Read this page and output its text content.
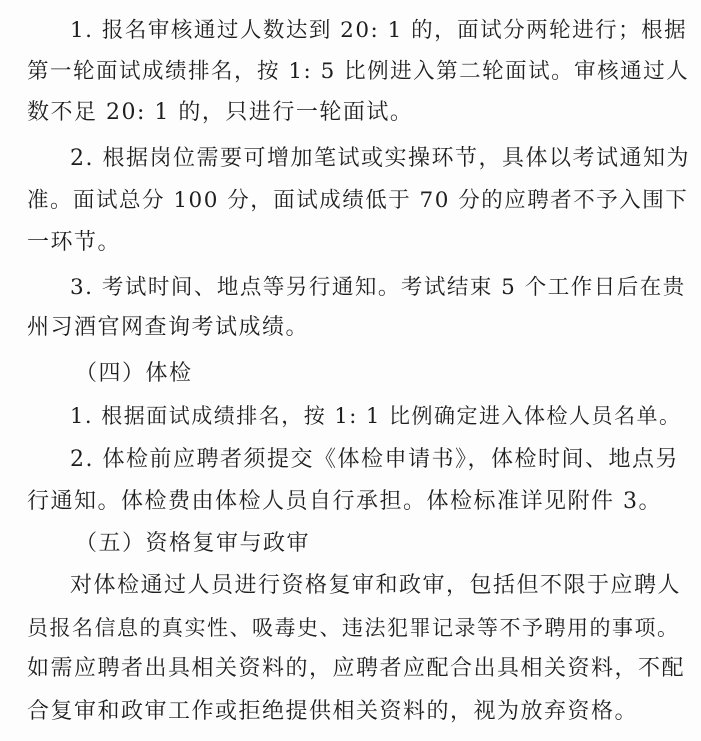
1. 报名审核通过人数达到 20: 1 的，面试分两轮进行；根据
第一轮面试成绩排名，按 1: 5 比例进入第二轮面试。审核通过人
数不足 20: 1 的，只进行一轮面试。
2. 根据岗位需要可增加笔试或实操环节，具体以考试通知为
准。面试总分 100 分，面试成绩低于 70 分的应聘者不予入围下
一环节。
3. 考试时间、地点等另行通知。考试结束 5 个工作日后在贵
州习酒官网查询考试成绩。
（四）体检
1. 根据面试成绩排名，按 1: 1 比例确定进入体检人员名单。
2. 体检前应聘者须提交《体检申请书》，体检时间、地点另
行通知。体检费由体检人员自行承担。体检标准详见附件 3。
（五）资格复审与政审
对体检通过人员进行资格复审和政审，包括但不限于应聘人
员报名信息的真实性、吸毒史、违法犯罪记录等不予聘用的事项。
如需应聘者出具相关资料的，应聘者应配合出具相关资料，不配
合复审和政审工作或拒绝提供相关资料的，视为放弃资格。
